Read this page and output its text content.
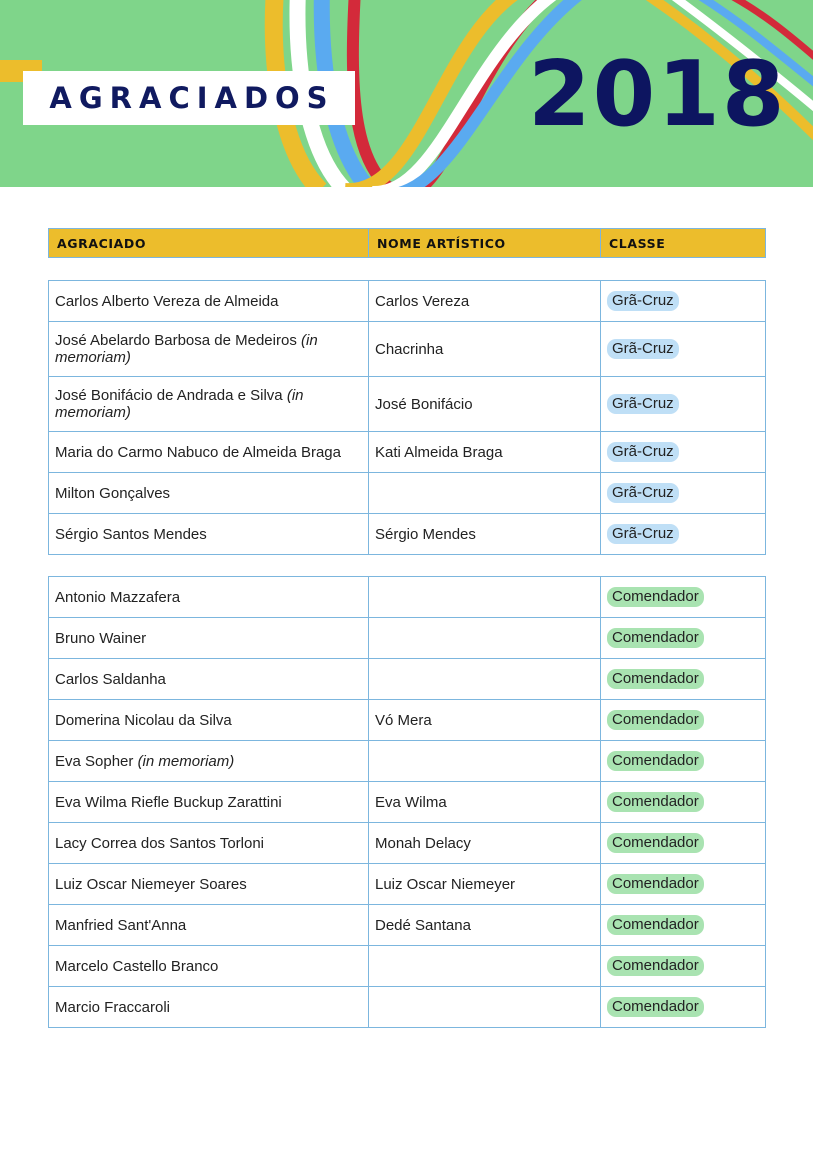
AGRACIADOS 2018
AGRACIADO	NOME ARTÍSTICO	CLASSE
Carlos Alberto Vereza de Almeida	Carlos Vereza	Grã-Cruz
José Abelardo Barbosa de Medeiros (in memoriam)	Chacrinha	Grã-Cruz
José Bonifácio de Andrada e Silva (in memoriam)	José Bonifácio	Grã-Cruz
Maria do Carmo Nabuco de Almeida Braga	Kati Almeida Braga	Grã-Cruz
Milton Gonçalves		Grã-Cruz
Sérgio Santos Mendes	Sérgio Mendes	Grã-Cruz
Antonio Mazzafera		Comendador
Bruno Wainer		Comendador
Carlos Saldanha		Comendador
Domerina Nicolau da Silva	Vó Mera	Comendador
Eva Sopher (in memoriam)		Comendador
Eva Wilma Riefle Buckup Zarattini	Eva Wilma	Comendador
Lacy Correa dos Santos Torloni	Monah Delacy	Comendador
Luiz Oscar Niemeyer Soares	Luiz Oscar Niemeyer	Comendador
Manfried Sant'Anna	Dedé Santana	Comendador
Marcelo Castello Branco		Comendador
Marcio Fraccaroli		Comendador
